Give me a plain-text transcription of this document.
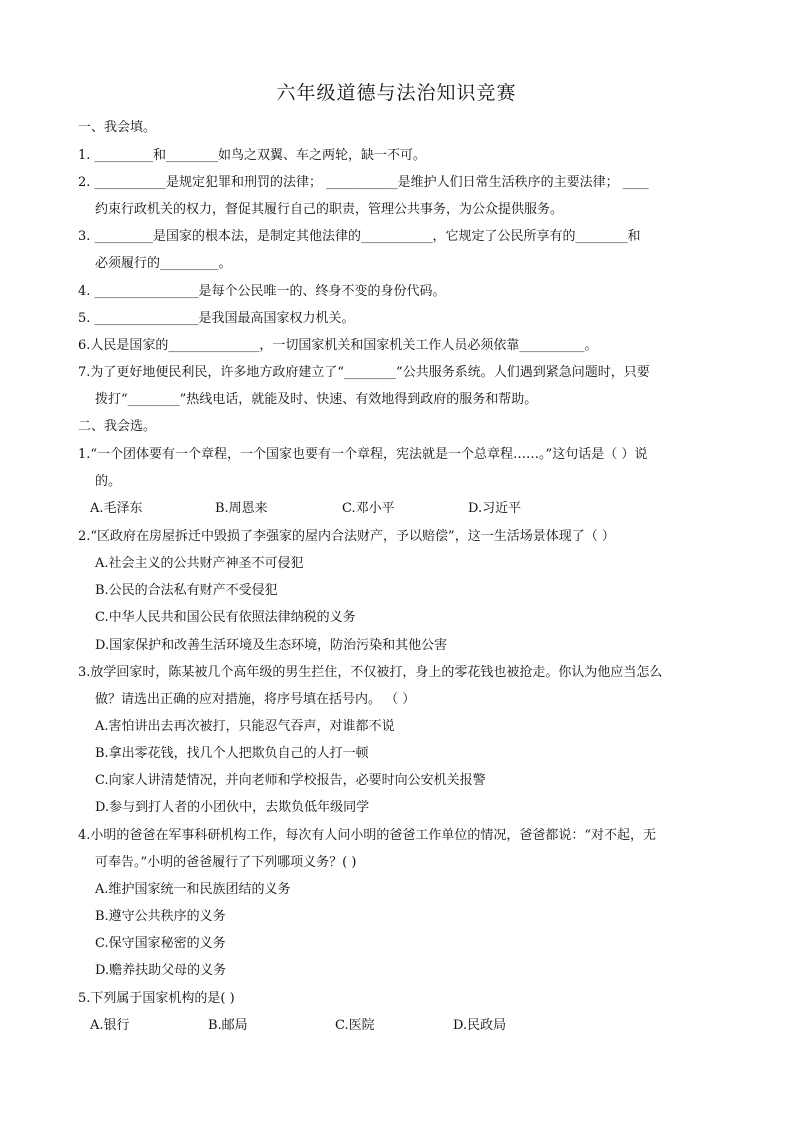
六年级道德与法治知识竞赛
一、我会填。
1. _________和________如鸟之双翼、车之两轮，缺一不可。
2. ___________是规定犯罪和刑罚的法律； ___________是维护人们日常生活秩序的主要法律； ____
约束行政机关的权力，督促其履行自己的职责，管理公共事务，为公众提供服务。
3. _________是国家的根本法，是制定其他法律的___________，它规定了公民所享有的________和
必须履行的_________。
4. ________________是每个公民唯一的、终身不变的身份代码。
5. ________________是我国最高国家权力机关。
6.人民是国家的______________，一切国家机关和国家机关工作人员必须依靠__________。
7.为了更好地便民利民，许多地方政府建立了“________”公共服务系统。人们遇到紧急问题时，只要
拨打“________”热线电话，就能及时、快速、有效地得到政府的服务和帮助。
二、我会选。
1.“一个团体要有一个章程，一个国家也要有一个章程，宪法就是一个总章程……。”这句话是（ ）说
的。
2.“区政府在房屋拆迁中毁损了李强家的屋内合法财产，予以赔偿”，这一生活场景体现了（ ）
A.社会主义的公共财产神圣不可侵犯
B.公民的合法私有财产不受侵犯
C.中华人民共和国公民有依照法律纳税的义务
D.国家保护和改善生活环境及生态环境，防治污染和其他公害
3.放学回家时，陈某被几个高年级的男生拦住，不仅被打，身上的零花钱也被抢走。你认为他应当怎么
做？请选出正确的应对措施，将序号填在括号内。 （ ）
A.害怕讲出去再次被打，只能忍气吞声，对谁都不说
B.拿出零花钱，找几个人把欺负自己的人打一顿
C.向家人讲清楚情况，并向老师和学校报告，必要时向公安机关报警
D.参与到打人者的小团伙中，去欺负低年级同学
4.小明的爸爸在军事科研机构工作，每次有人问小明的爸爸工作单位的情况，爸爸都说：“对不起，无
可奉告。”小明的爸爸履行了下列哪项义务？( )
A.维护国家统一和民族团结的义务
B.遵守公共秩序的义务
C.保守国家秘密的义务
D.赡养扶助父母的义务
5.下列属于国家机构的是( )
A.毛泽东	B.周恩来	C.邓小平	D.习近平
A.银行	B.邮局	C.医院	D.民政局
